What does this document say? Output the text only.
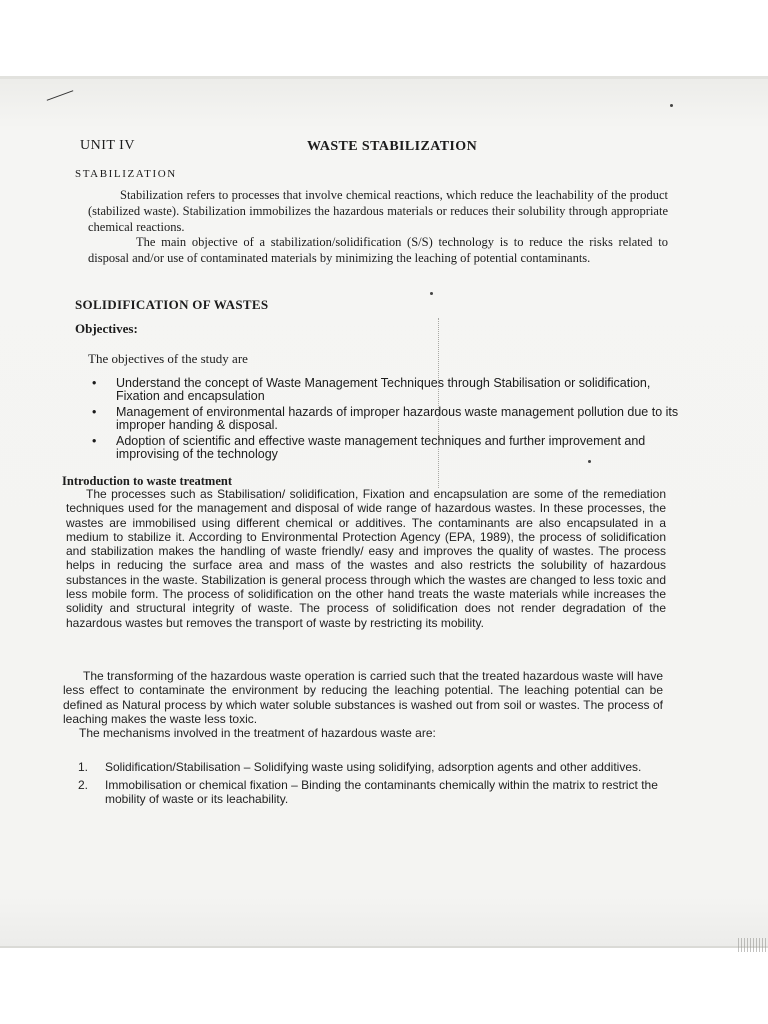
UNIT IV	WASTE STABILIZATION
STABILIZATION
Stabilization refers to processes that involve chemical reactions, which reduce the leachability of the product (stabilized waste). Stabilization immobilizes the hazardous materials or reduces their solubility through appropriate chemical reactions.
The main objective of a stabilization/solidification (S/S) technology is to reduce the risks related to disposal and/or use of contaminated materials by minimizing the leaching of potential contaminants.
SOLIDIFICATION OF WASTES
Objectives:
The objectives of the study are
• Understand the concept of Waste Management Techniques through Stabilisation or solidification, Fixation and encapsulation
• Management of environmental hazards of improper hazardous waste management pollution due to its improper handing & disposal.
• Adoption of scientific and effective waste management techniques and further improvement and improvising of the technology
Introduction to waste treatment
The processes such as Stabilisation/ solidification, Fixation and encapsulation are some of the remediation techniques used for the management and disposal of wide range of hazardous wastes. In these processes, the wastes are immobilised using different chemical or additives. The contaminants are also encapsulated in a medium to stabilize it. According to Environmental Protection Agency (EPA, 1989), the process of solidification and stabilization makes the handling of waste friendly/ easy and improves the quality of wastes. The process helps in reducing the surface area and mass of the wastes and also restricts the solubility of hazardous substances in the waste. Stabilization is general process through which the wastes are changed to less toxic and less mobile form. The process of solidification on the other hand treats the waste materials while increases the solidity and structural integrity of waste. The process of solidification does not render degradation of the hazardous wastes but removes the transport of waste by restricting its mobility.
The transforming of the hazardous waste operation is carried such that the treated hazardous waste will have less effect to contaminate the environment by reducing the leaching potential. The leaching potential can be defined as Natural process by which water soluble substances is washed out from soil or wastes. The process of leaching makes the waste less toxic.
The mechanisms involved in the treatment of hazardous waste are:
1. Solidification/Stabilisation – Solidifying waste using solidifying, adsorption agents and other additives.
2. Immobilisation or chemical fixation – Binding the contaminants chemically within the matrix to restrict the mobility of waste or its leachability.
